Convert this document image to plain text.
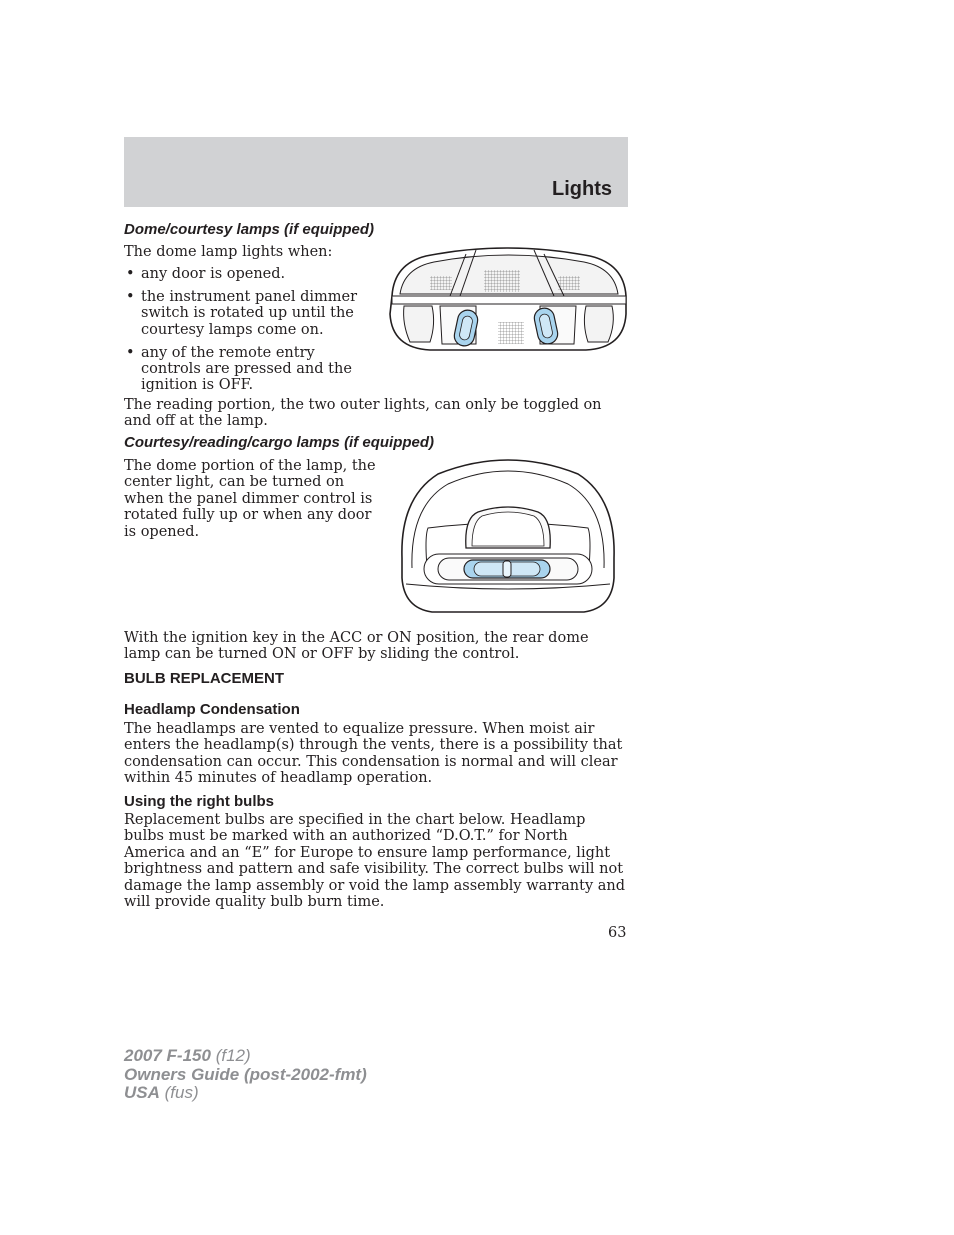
Lights
Dome/courtesy lamps (if equipped)

The dome lamp lights when:

• any door is opened.
• the instrument panel dimmer switch is rotated up until the courtesy lamps come on.
• any of the remote entry controls are pressed and the ignition is OFF.

The reading portion, the two outer lights, can only be toggled on and off at the lamp.

Courtesy/reading/cargo lamps (if equipped)

The dome portion of the lamp, the center light, can be turned on when the panel dimmer control is rotated fully up or when any door is opened.

With the ignition key in the ACC or ON position, the rear dome lamp can be turned ON or OFF by sliding the control.

BULB REPLACEMENT
Headlamp Condensation

The headlamps are vented to equalize pressure. When moist air enters the headlamp(s) through the vents, there is a possibility that condensation can occur. This condensation is normal and will clear within 45 minutes of headlamp operation.

Using the right bulbs

Replacement bulbs are specified in the chart below. Headlamp bulbs must be marked with an authorized “D.O.T.” for North America and an “E” for Europe to ensure lamp performance, light brightness and pattern and safe visibility. The correct bulbs will not damage the lamp assembly or void the lamp assembly warranty and will provide quality bulb burn time.

63
2007 F-150 (f12)
Owners Guide (post-2002-fmt)
USA (fus)
